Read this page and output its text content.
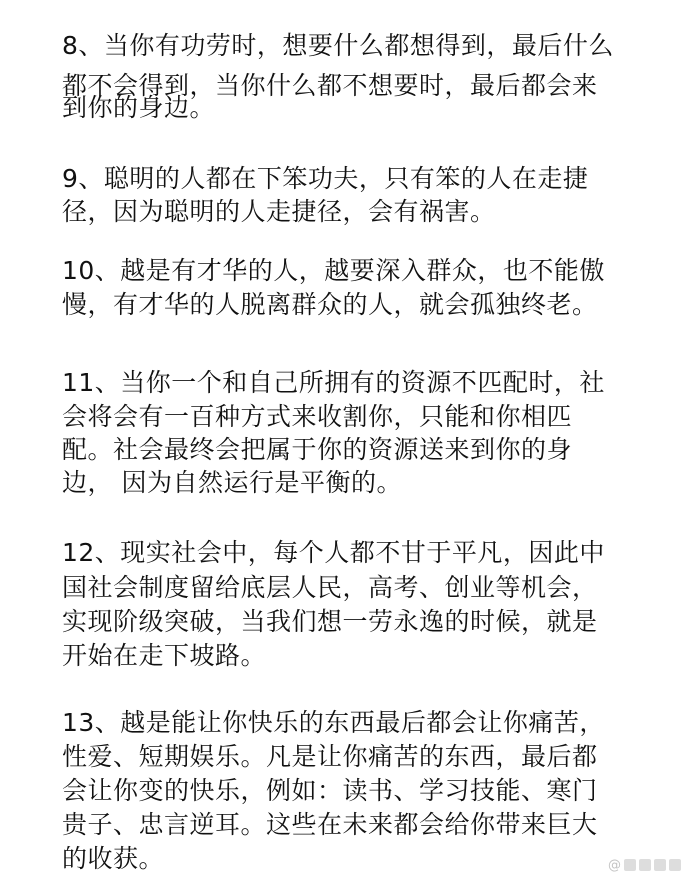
8、当你有功劳时，想要什么都想得到，最后什么
都不会得到，当你什么都不想要时，最后都会来
到你的身边。
9、聪明的人都在下笨功夫，只有笨的人在走捷
径，因为聪明的人走捷径，会有祸害。
10、越是有才华的人，越要深入群众，也不能傲
慢，有才华的人脱离群众的人，就会孤独终老。
11、当你一个和自己所拥有的资源不匹配时，社
会将会有一百种方式来收割你，只能和你相匹
配。社会最终会把属于你的资源送来到你的身
边， 因为自然运行是平衡的。
12、现实社会中，每个人都不甘于平凡，因此中
国社会制度留给底层人民，高考、创业等机会，
实现阶级突破，当我们想一劳永逸的时候，就是
开始在走下坡路。
13、越是能让你快乐的东西最后都会让你痛苦，
性爱、短期娱乐。凡是让你痛苦的东西，最后都
会让你变的快乐，例如：读书、学习技能、寒门
贵子、忠言逆耳。这些在未来都会给你带来巨大
的收获。	@
